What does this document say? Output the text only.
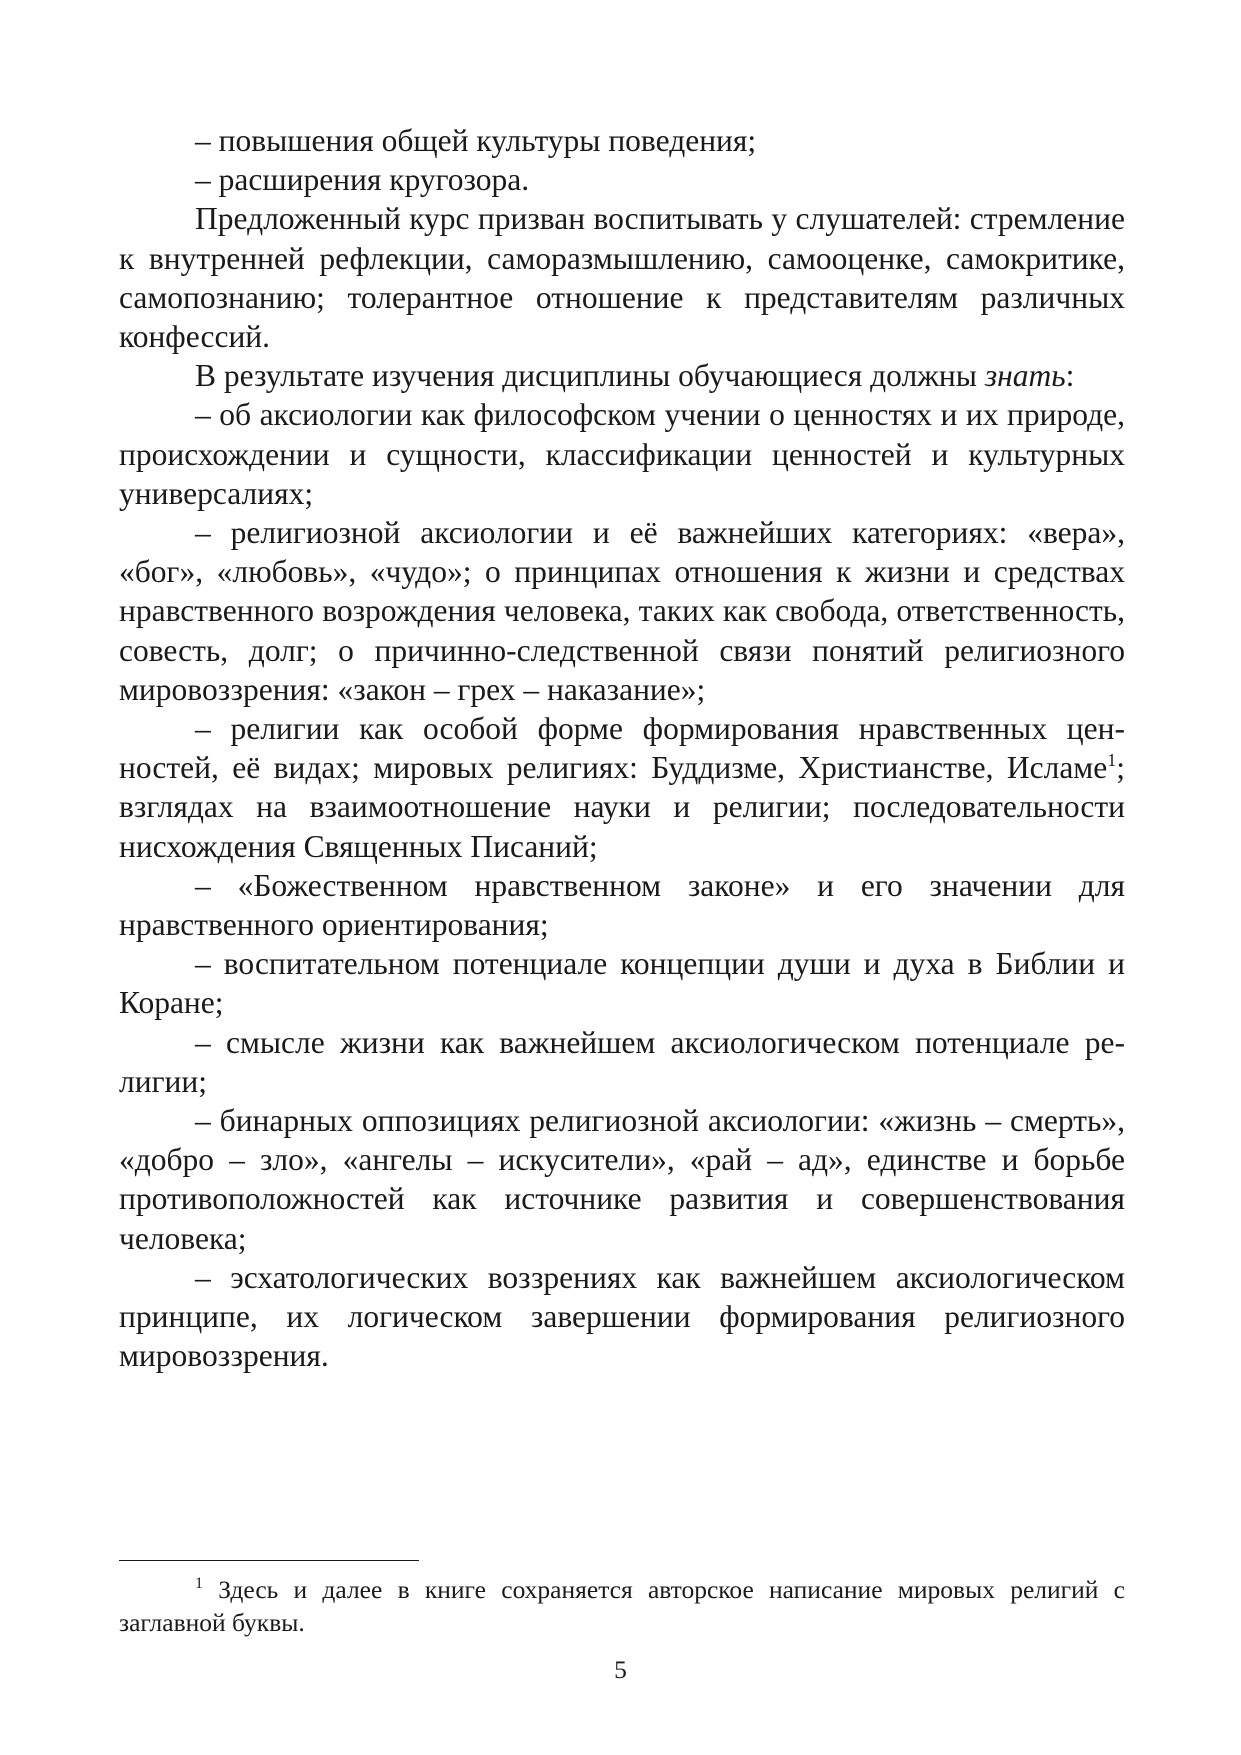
– повышения общей культуры поведения;

– расширения кругозора.

Предложенный курс призван воспитывать у слушателей: стремление к внутренней рефлекции, саморазмышлению, самооценке, самокритике, самопознанию; толерантное отношение к представителям различных конфессий.

В результате изучения дисциплины обучающиеся должны знать:

– об аксиологии как философском учении о ценностях и их природе, происхождении и сущности, классификации ценностей и культурных универсалиях;

– религиозной аксиологии и её важнейших категориях: «вера», «бог», «любовь», «чудо»; о принципах отношения к жизни и средствах нравственного возрождения человека, таких как свобода, ответственность, совесть, долг; о причинно-следственной связи понятий религиозного мировоззрения: «закон – грех – наказание»;

– религии как особой форме формирования нравственных ценностей, её видах; мировых религиях: Буддизме, Христианстве, Исламе$^1$; взглядах на взаимоотношение науки и религии; последовательности нисхождения Священных Писаний;

– «Божественном нравственном законе» и его значении для нравственного ориентирования;

– воспитательном потенциале концепции души и духа в Библии и Коране;

– смысле жизни как важнейшем аксиологическом потенциале религии;

– бинарных оппозициях религиозной аксиологии: «жизнь – смерть», «добро – зло», «ангелы – искусители», «рай – ад», единстве и борьбе противоположностей как источнике развития и совершенствования человека;

– эсхатологических воззрениях как важнейшем аксиологическом принципе, их логическом завершении формирования религиозного мировоззрения.

$^1$ Здесь и далее в книге сохраняется авторское написание мировых религий с заглавной буквы.
5
